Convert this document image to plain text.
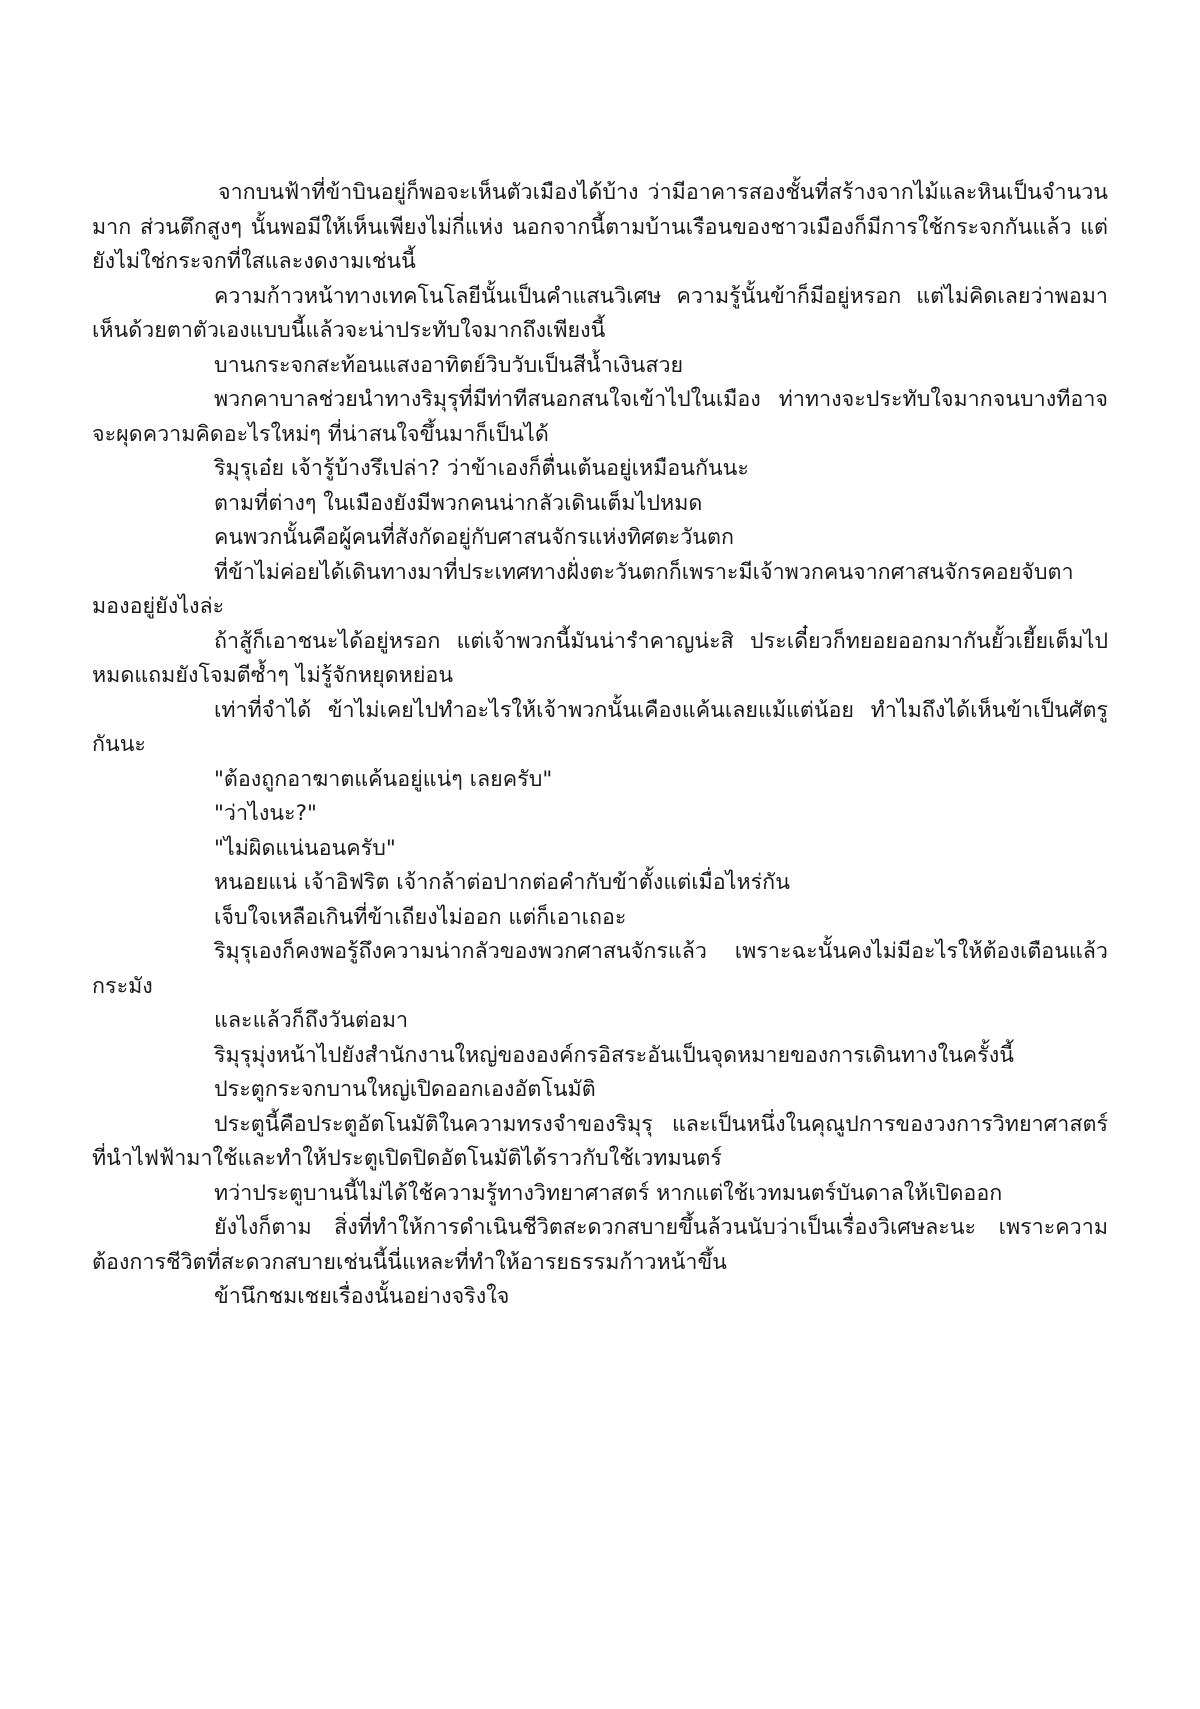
จากบนฟ้าที่ข้าบินอยู่ก็พอจะเห็นตัวเมืองได้บ้าง ว่ามีอาคารสองชั้นที่สร้างจากไม้และหินเป็นจำนวนมาก ส่วนตึกสูงๆ นั้นพอมีให้เห็นเพียงไม่กี่แห่ง นอกจากนี้ตามบ้านเรือนของชาวเมืองก็มีการใช้กระจกกันแล้ว แต่ยังไม่ใช่กระจกที่ใสและงดงามเช่นนี้

ความก้าวหน้าทางเทคโนโลยีนั้นเป็นคำแสนวิเศษ ความรู้นั้นข้าก็มีอยู่หรอก แต่ไม่คิดเลยว่าพอมาเห็นด้วยตาตัวเองแบบนี้แล้วจะน่าประทับใจมากถึงเพียงนี้

บานกระจกสะท้อนแสงอาทิตย์วิบวับเป็นสีน้ำเงินสวย

พวกคาบาลช่วยนำทางริมุรุที่มีท่าทีสนอกสนใจเข้าไปในเมือง ท่าทางจะประทับใจมากจนบางทีอาจจะผุดความคิดอะไรใหม่ๆ ที่น่าสนใจขึ้นมาก็เป็นได้

ริมุรุเอ๋ย เจ้ารู้บ้างรึเปล่า? ว่าข้าเองก็ตื่นเต้นอยู่เหมือนกันนะ

ตามที่ต่างๆ ในเมืองยังมีพวกคนน่ากลัวเดินเต็มไปหมด

คนพวกนั้นคือผู้คนที่สังกัดอยู่กับศาสนจักรแห่งทิศตะวันตก

ที่ข้าไม่ค่อยได้เดินทางมาที่ประเทศทางฝั่งตะวันตกก็เพราะมีเจ้าพวกคนจากศาสนจักรคอยจับตามองอยู่ยังไงล่ะ

ถ้าสู้ก็เอาชนะได้อยู่หรอก แต่เจ้าพวกนี้มันน่ารำคาญน่ะสิ ประเดี๋ยวก็ทยอยออกมากันยั้วเยี้ยเต็มไปหมดแถมยังโจมตีซ้ำๆ ไม่รู้จักหยุดหย่อน

เท่าที่จำได้ ข้าไม่เคยไปทำอะไรให้เจ้าพวกนั้นเคืองแค้นเลยแม้แต่น้อย ทำไมถึงได้เห็นข้าเป็นศัตรูกันนะ

"ต้องถูกอาฆาตแค้นอยู่แน่ๆ เลยครับ"

"ว่าไงนะ?"

"ไม่ผิดแน่นอนครับ"

หนอยแน่ เจ้าอิฟริต เจ้ากล้าต่อปากต่อคำกับข้าตั้งแต่เมื่อไหร่กัน

เจ็บใจเหลือเกินที่ข้าเถียงไม่ออก แต่ก็เอาเถอะ

ริมุรุเองก็คงพอรู้ถึงความน่ากลัวของพวกศาสนจักรแล้ว เพราะฉะนั้นคงไม่มีอะไรให้ต้องเตือนแล้วกระมัง

และแล้วก็ถึงวันต่อมา

ริมุรุมุ่งหน้าไปยังสำนักงานใหญ่ขององค์กรอิสระอันเป็นจุดหมายของการเดินทางในครั้งนี้

ประตูกระจกบานใหญ่เปิดออกเองอัตโนมัติ

ประตูนี้คือประตูอัตโนมัติในความทรงจำของริมุรุ และเป็นหนึ่งในคุณูปการของวงการวิทยาศาสตร์ที่นำไฟฟ้ามาใช้และทำให้ประตูเปิดปิดอัตโนมัติได้ราวกับใช้เวทมนตร์

ทว่าประตูบานนี้ไม่ได้ใช้ความรู้ทางวิทยาศาสตร์ หากแต่ใช้เวทมนตร์บันดาลให้เปิดออก

ยังไงก็ตาม สิ่งที่ทำให้การดำเนินชีวิตสะดวกสบายขึ้นล้วนนับว่าเป็นเรื่องวิเศษละนะ เพราะความต้องการชีวิตที่สะดวกสบายเช่นนี้นี่แหละที่ทำให้อารยธรรมก้าวหน้าขึ้น

ข้านึกชมเชยเรื่องนั้นอย่างจริงใจ
